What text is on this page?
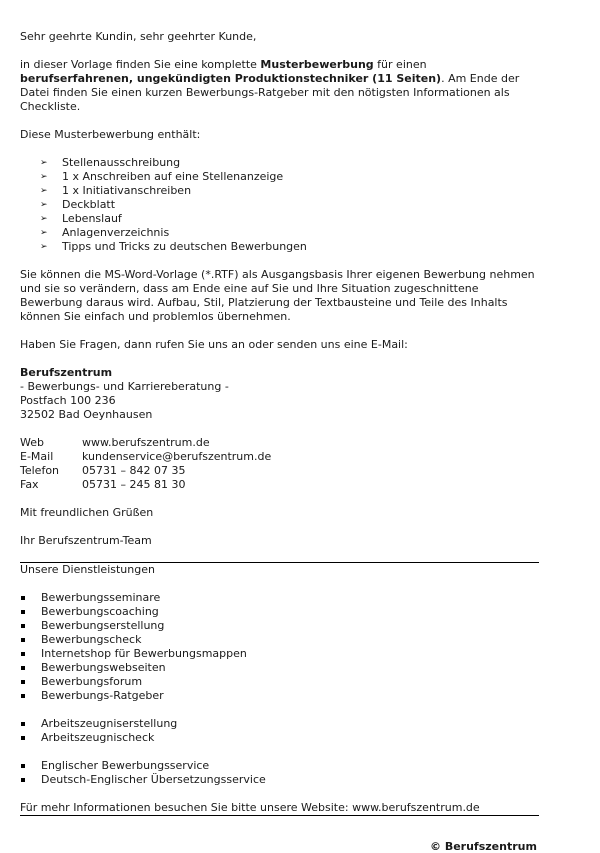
Sehr geehrte Kundin, sehr geehrter Kunde,

in dieser Vorlage finden Sie eine komplette Musterbewerbung für einen berufserfahrenen, ungekündigten Produktionstechniker (11 Seiten). Am Ende der Datei finden Sie einen kurzen Bewerbungs-Ratgeber mit den nötigsten Informationen als Checkliste.

Diese Musterbewerbung enthält:

➢ Stellenausschreibung
➢ 1 x Anschreiben auf eine Stellenanzeige
➢ 1 x Initiativanschreiben
➢ Deckblatt
➢ Lebenslauf
➢ Anlagenverzeichnis
➢ Tipps und Tricks zu deutschen Bewerbungen

Sie können die MS-Word-Vorlage (*.RTF) als Ausgangsbasis Ihrer eigenen Bewerbung nehmen und sie so verändern, dass am Ende eine auf Sie und Ihre Situation zugeschnittene Bewerbung daraus wird. Aufbau, Stil, Platzierung der Textbausteine und Teile des Inhalts können Sie einfach und problemlos übernehmen.

Haben Sie Fragen, dann rufen Sie uns an oder senden uns eine E-Mail:

Berufszentrum

- Bewerbungs- und Karriereberatung -

Postfach 100 236

32502 Bad Oeynhausen

Web	www.berufszentrum.de
E-Mail	kundenservice@berufszentrum.de
Telefon	05731 – 842 07 35
Fax	05731 – 245 81 30

Mit freundlichen Grüßen

Ihr Berufszentrum-Team

Unsere Dienstleistungen

Bewerbungsseminare
Bewerbungscoaching
Bewerbungserstellung
Bewerbungscheck
Internetshop für Bewerbungsmappen
Bewerbungswebseiten
Bewerbungsforum
Bewerbungs-Ratgeber
Arbeitszeugniserstellung
Arbeitszeugnischeck
Englischer Bewerbungsservice
Deutsch-Englischer Übersetzungsservice

Für mehr Informationen besuchen Sie bitte unsere Website: www.berufszentrum.de

© Berufszentrum
